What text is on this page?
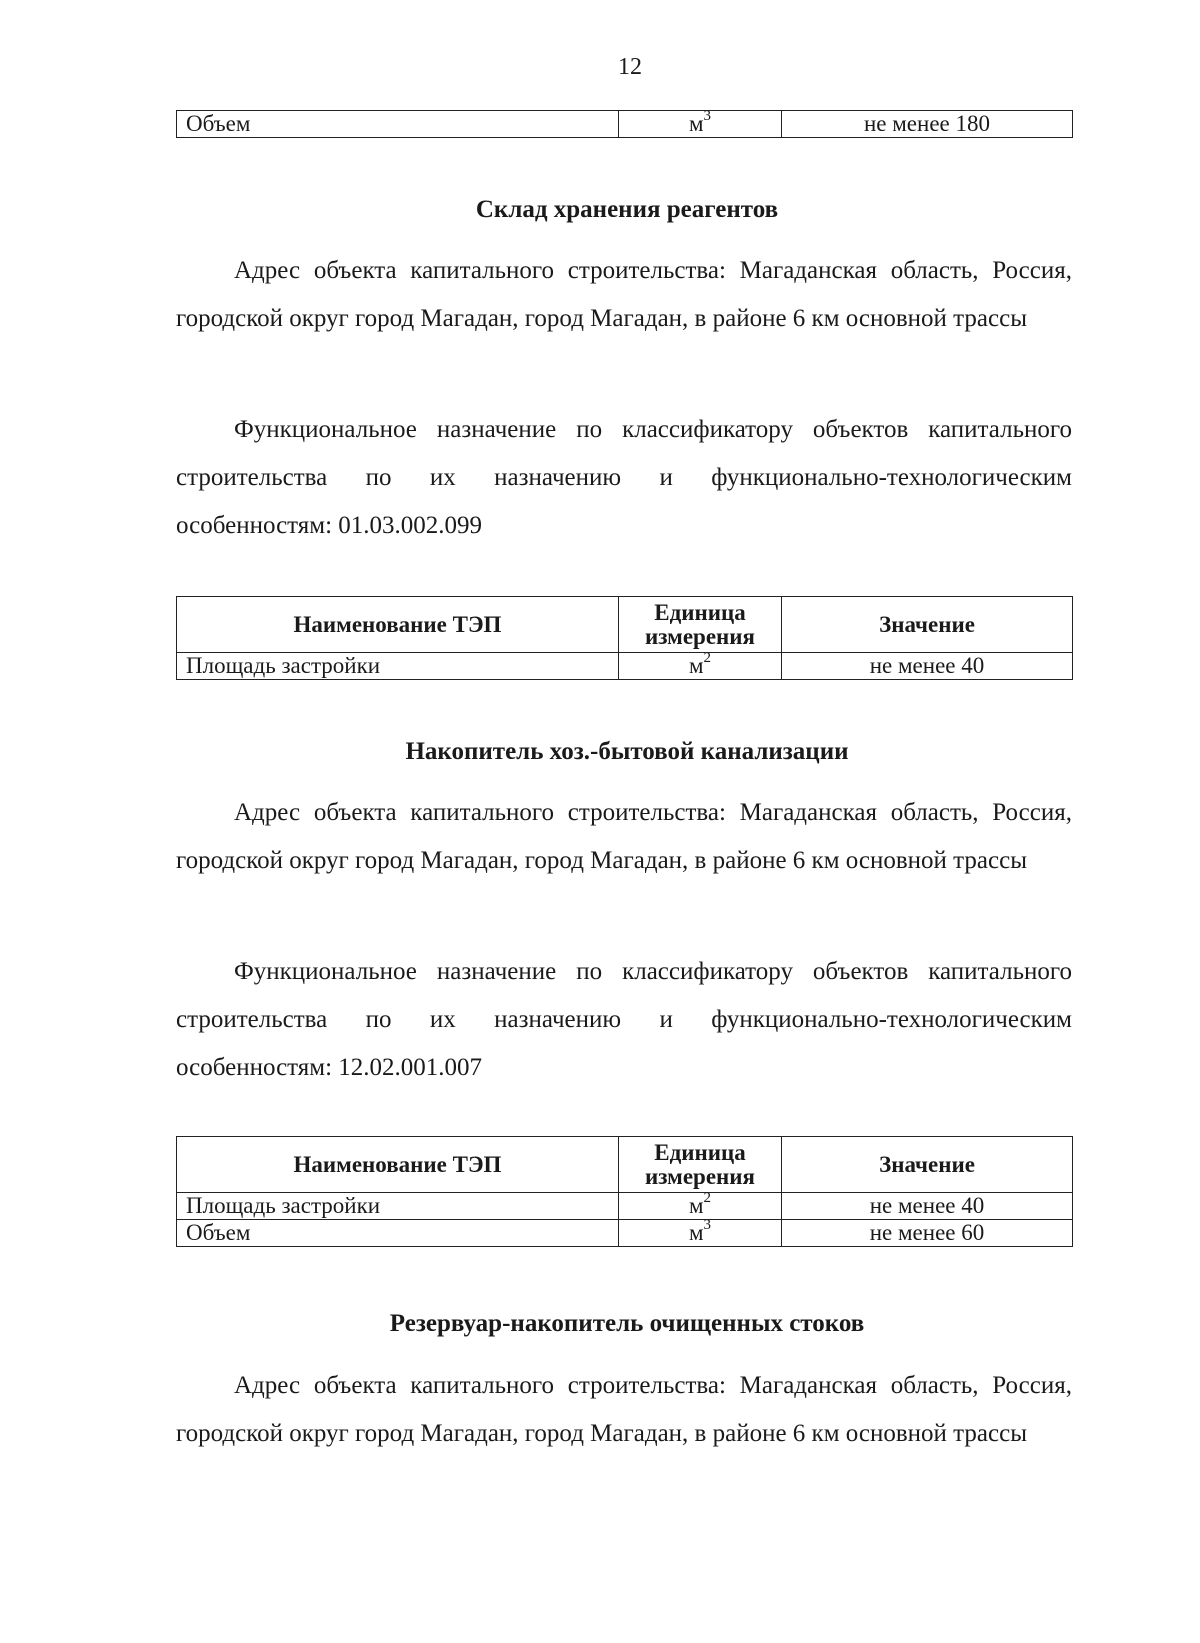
12
Объем	$м^3$	не менее 180
Склад хранения реагентов

Адрес объекта капитального строительства: Магаданская область, Россия, городской округ город Магадан, город Магадан, в районе 6 км основной трассы

Функциональное назначение по классификатору объектов капитального строительства по их назначению и функционально-технологическим особенностям: 01.03.002.099

Наименование ТЭП	Единица измерения	Значение
Площадь застройки	$м^2$	не менее 40
Накопитель хоз.-бытовой канализации

Адрес объекта капитального строительства: Магаданская область, Россия, городской округ город Магадан, город Магадан, в районе 6 км основной трассы

Функциональное назначение по классификатору объектов капитального строительства по их назначению и функционально-технологическим особенностям: 12.02.001.007

Наименование ТЭП	Единица измерения	Значение
Площадь застройки	$м^2$	не менее 40
Объем	$м^3$	не менее 60
Резервуар-накопитель очищенных стоков

Адрес объекта капитального строительства: Магаданская область, Россия, городской округ город Магадан, город Магадан, в районе 6 км основной трассы
